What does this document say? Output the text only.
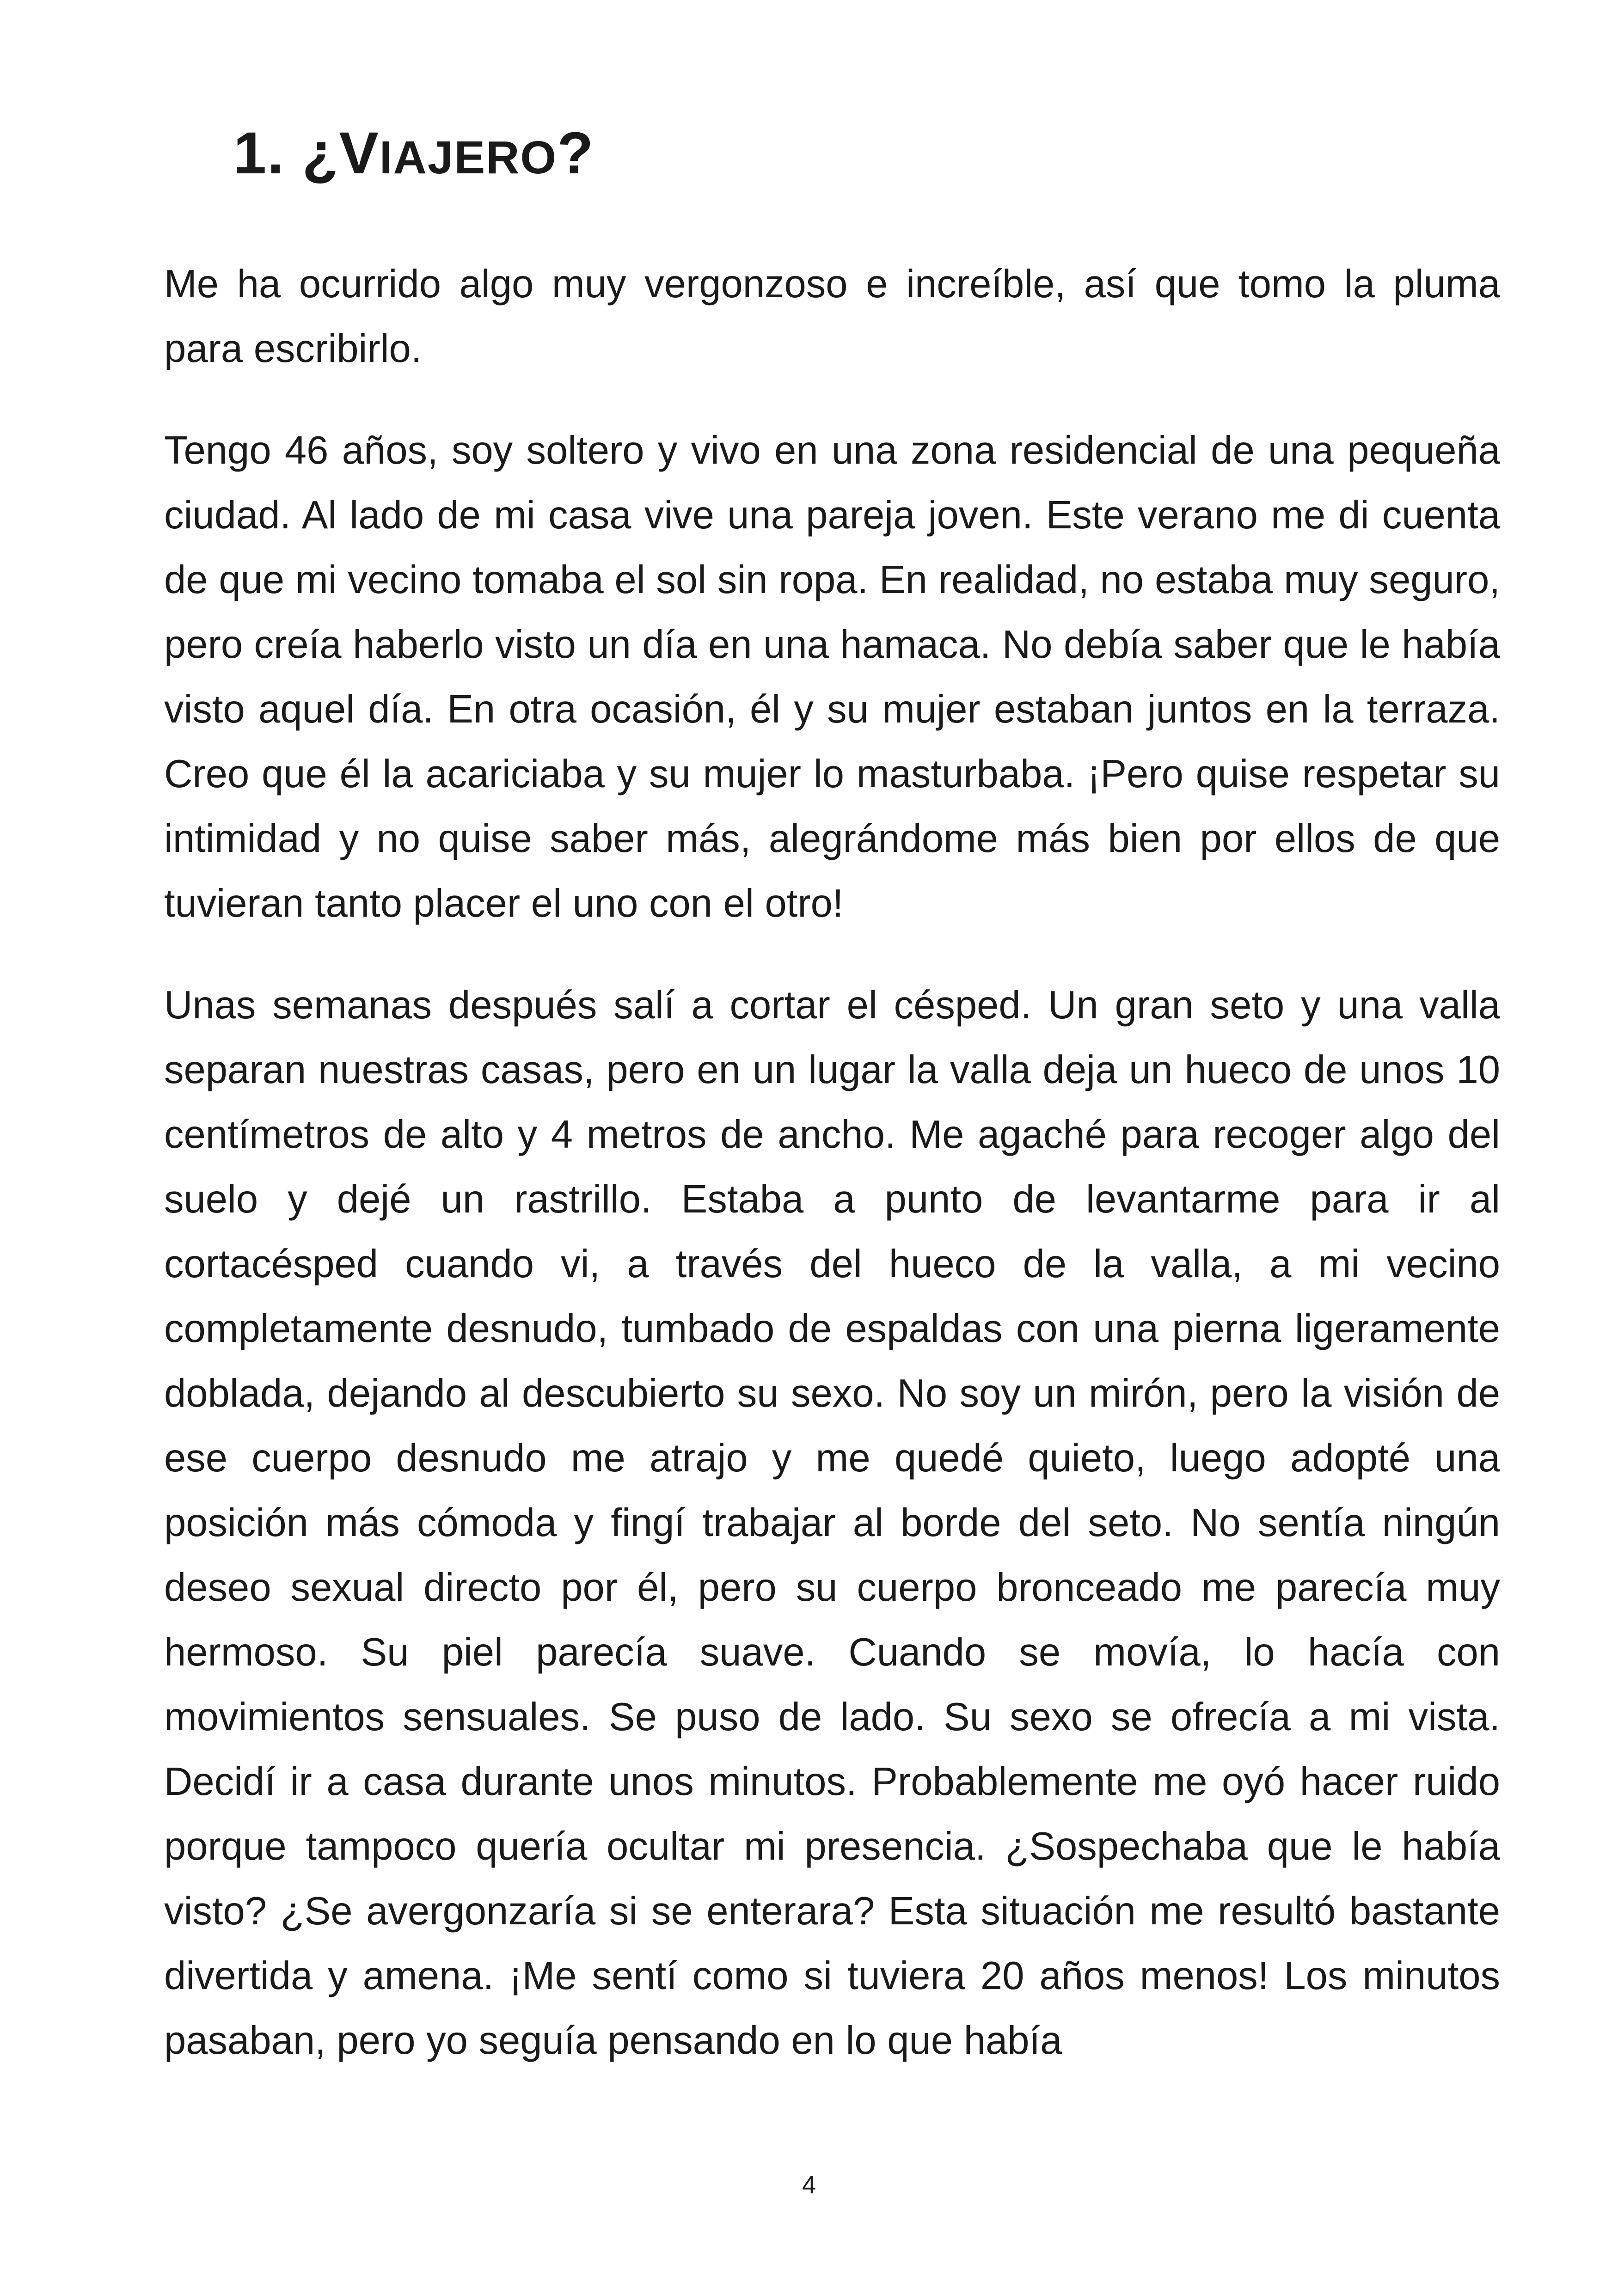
1. ¿VIAJERO?

Me ha ocurrido algo muy vergonzoso e increíble, así que tomo la pluma para escribirlo.

Tengo 46 años, soy soltero y vivo en una zona residencial de una pequeña ciudad. Al lado de mi casa vive una pareja joven. Este verano me di cuenta de que mi vecino tomaba el sol sin ropa. En realidad, no estaba muy seguro, pero creía haberlo visto un día en una hamaca. No debía saber que le había visto aquel día. En otra ocasión, él y su mujer estaban juntos en la terraza. Creo que él la acariciaba y su mujer lo masturbaba. ¡Pero quise respetar su intimidad y no quise saber más, alegrándome más bien por ellos de que tuvieran tanto placer el uno con el otro!

Unas semanas después salí a cortar el césped. Un gran seto y una valla separan nuestras casas, pero en un lugar la valla deja un hueco de unos 10 centímetros de alto y 4 metros de ancho. Me agaché para recoger algo del suelo y dejé un rastrillo. Estaba a punto de levantarme para ir al cortacésped cuando vi, a través del hueco de la valla, a mi vecino completamente desnudo, tumbado de espaldas con una pierna ligeramente doblada, dejando al descubierto su sexo. No soy un mirón, pero la visión de ese cuerpo desnudo me atrajo y me quedé quieto, luego adopté una posición más cómoda y fingí trabajar al borde del seto. No sentía ningún deseo sexual directo por él, pero su cuerpo bronceado me parecía muy hermoso. Su piel parecía suave. Cuando se movía, lo hacía con movimientos sensuales. Se puso de lado. Su sexo se ofrecía a mi vista. Decidí ir a casa durante unos minutos. Probablemente me oyó hacer ruido porque tampoco quería ocultar mi presencia. ¿Sospechaba que le había visto? ¿Se avergonzaría si se enterara? Esta situación me resultó bastante divertida y amena. ¡Me sentí como si tuviera 20 años menos! Los minutos pasaban, pero yo seguía pensando en lo que había

4
